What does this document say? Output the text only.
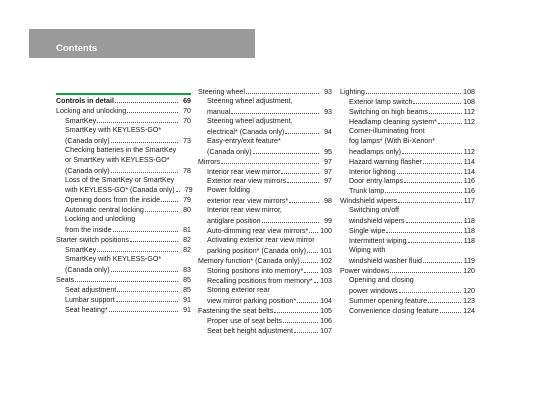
Contents
Controls in detail	69
Locking and unlocking	70
SmartKey	70
SmartKey with KEYLESS-GO*
(Canada only)	73
Checking batteries in the SmartKey
or SmartKey with KEYLESS-GO*
(Canada only)	78
Loss of the SmartKey or SmartKey
with KEYLESS-GO* (Canada only)	79
Opening doors from the inside	79
Automatic central locking	80
Locking and unlocking
from the inside	81
Starter switch positions	82
SmartKey	82
SmartKey with KEYLESS-GO*
(Canada only)	83
Seats	85
Seat adjustment	85
Lumbar support	91
Seat heating*	91
Steering wheel	93
Steering wheel adjustment,
manual	93
Steering wheel adjustment,
electrical* (Canada only)	94
Easy-entry/exit feature*
(Canada only)	95
Mirrors	97
Interior rear view mirror	97
Exterior rear view mirrors	97
Power folding
exterior rear view mirrors*	98
Interior rear view mirror,
antiglare position	99
Auto-dimming rear view mirrors* 100
Activating exterior rear view mirror
parking position* (Canada only) 101
Memory function* (Canada only)	102
Storing positions into memory* 103
Recalling positions from memory* 103
Storing exterior rear
view mirror parking position*	104
Fastening the seat belts	105
Proper use of seat belts	106
Seat belt height adjustment	107
Lighting	108
Exterior lamp switch	108
Switching on high beams	112
Headlamp cleaning system*	112
Corner-illuminating front
fog lamps* (With Bi-Xenon*
headlamps only)	112
Hazard warning flasher	114
Interior lighting	114
Door entry lamps	116
Trunk lamp	116
Windshield wipers	117
Switching on/off
windshield wipers	118
Single wipe	118
Intermittent wiping	118
Wiping with
windshield washer fluid	119
Power windows	120
Opening and closing
power windows	120
Summer opening feature	123
Convenience closing feature	124
